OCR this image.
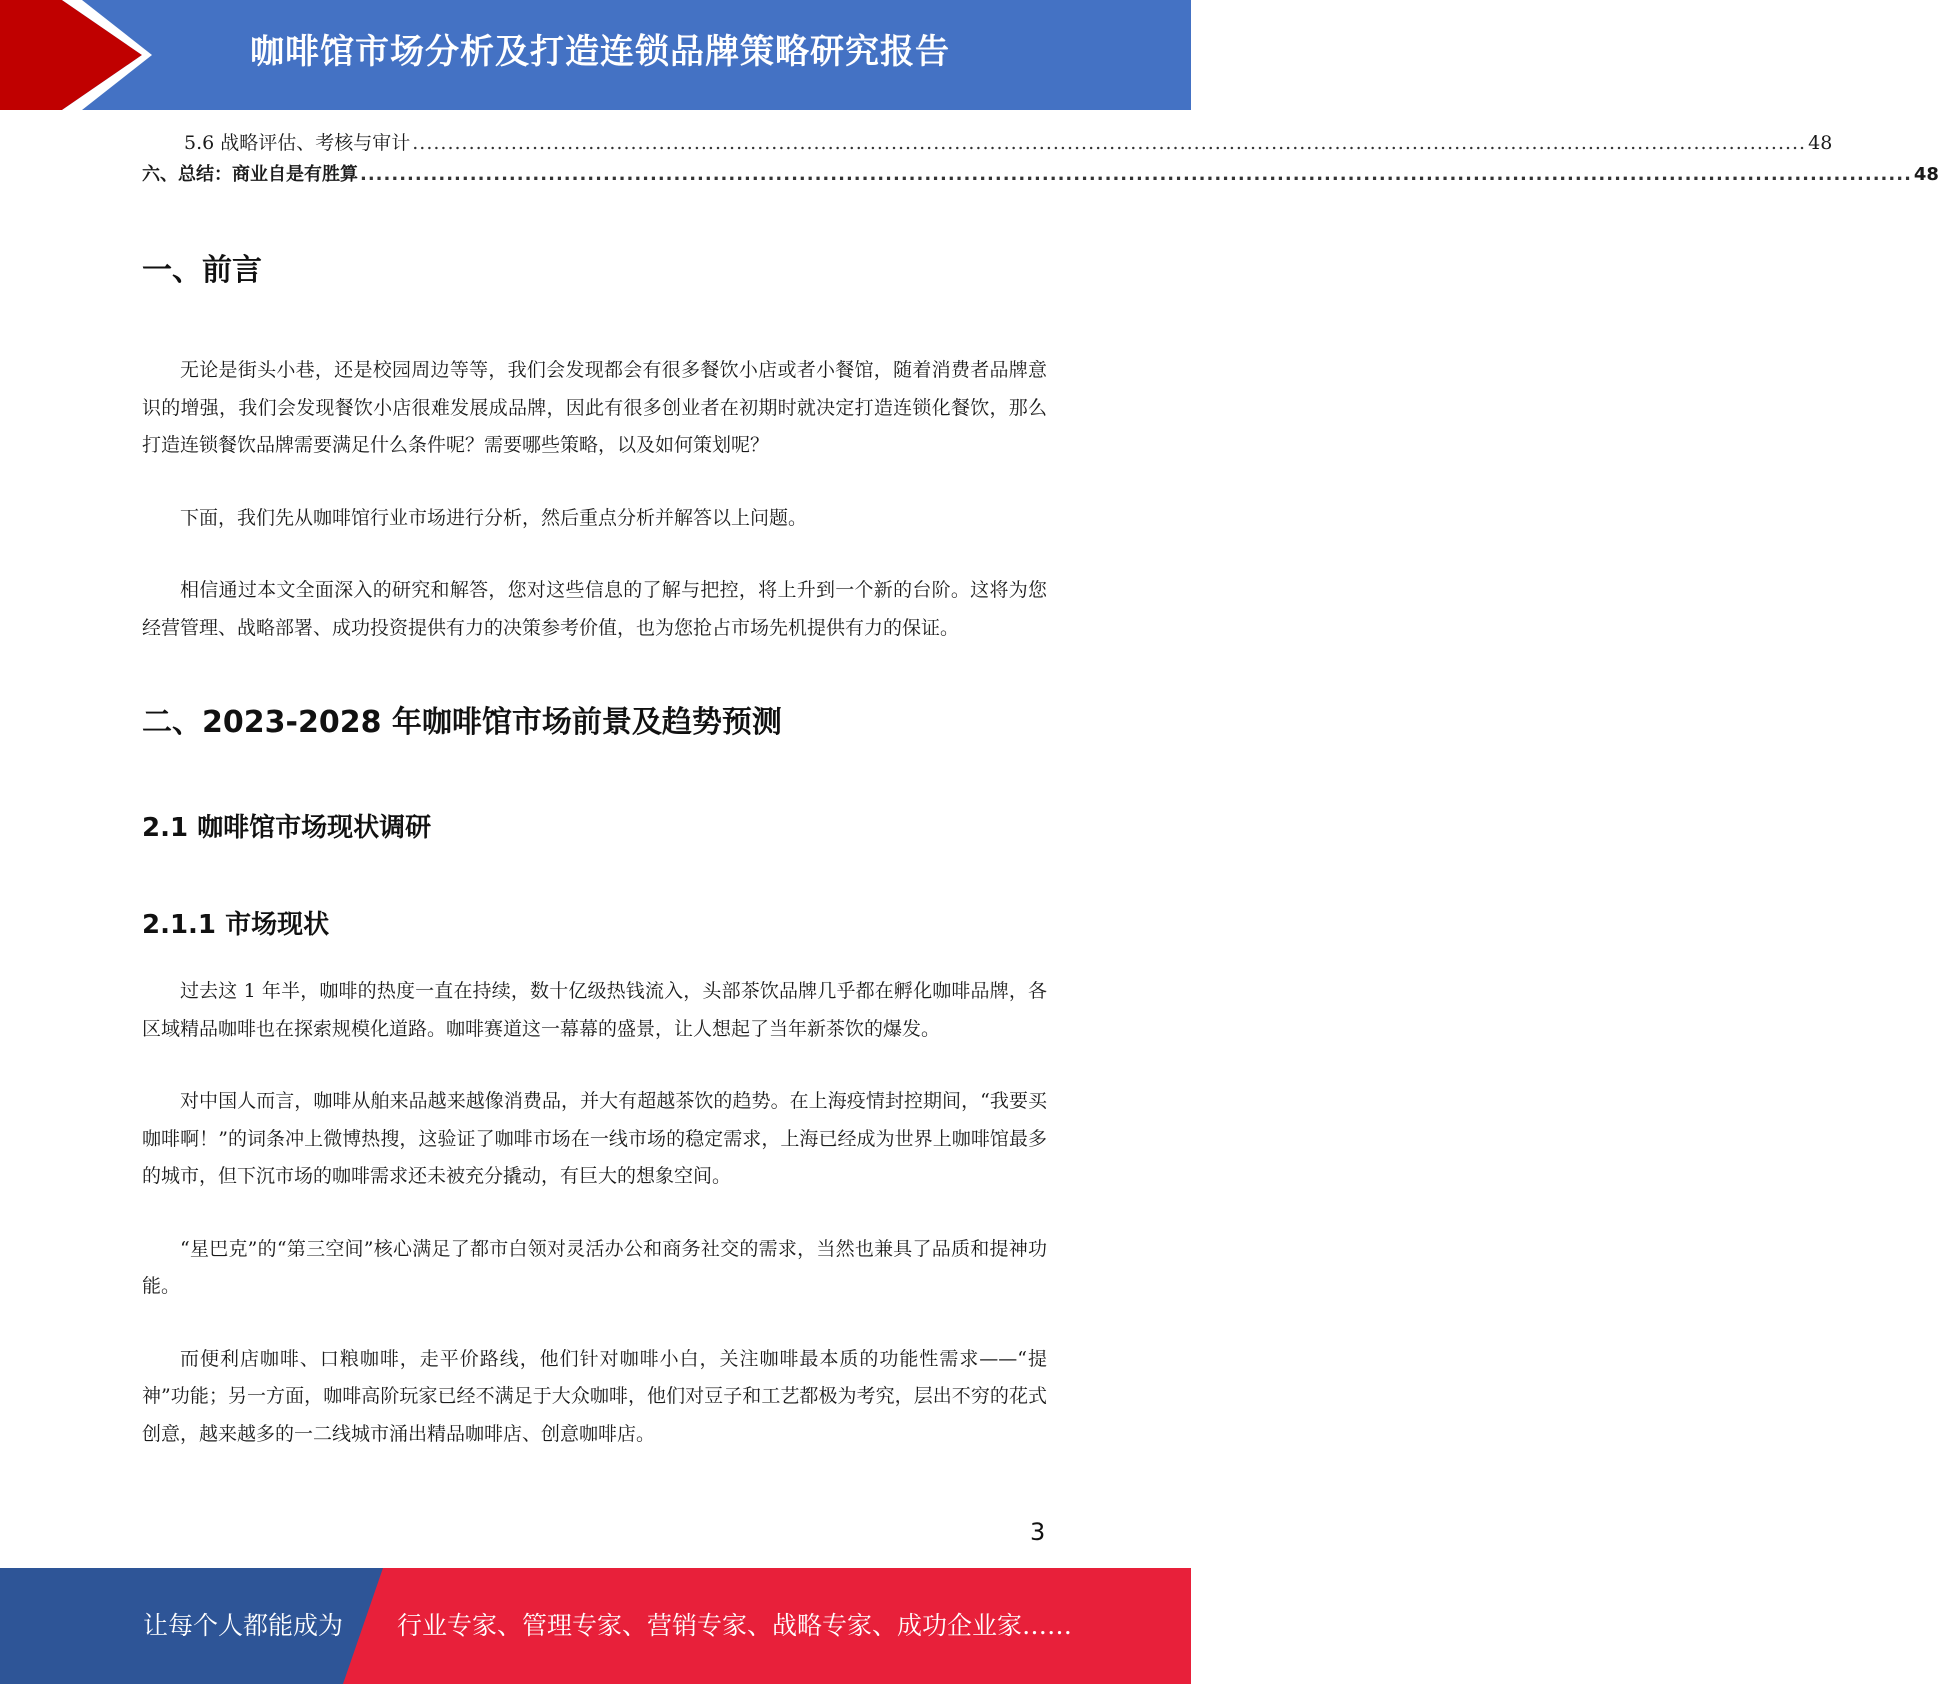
咖啡馆市场分析及打造连锁品牌策略研究报告
5.6 战略评估、考核与审计 ...................................................................................................................................................................................................... 48
六、总结：商业自是有胜算 ...................................................................................................................................................................................................... 48
一、前言

无论是街头小巷，还是校园周边等等，我们会发现都会有很多餐饮小店或者小餐馆，随着消费者品牌意识的增强，我们会发现餐饮小店很难发展成品牌，因此有很多创业者在初期时就决定打造连锁化餐饮，那么打造连锁餐饮品牌需要满足什么条件呢？需要哪些策略，以及如何策划呢？

下面，我们先从咖啡馆行业市场进行分析，然后重点分析并解答以上问题。

相信通过本文全面深入的研究和解答，您对这些信息的了解与把控，将上升到一个新的台阶。这将为您经营管理、战略部署、成功投资提供有力的决策参考价值，也为您抢占市场先机提供有力的保证。

二、2023-2028 年咖啡馆市场前景及趋势预测
2.1 咖啡馆市场现状调研
2.1.1 市场现状

过去这 1 年半，咖啡的热度一直在持续，数十亿级热钱流入，头部茶饮品牌几乎都在孵化咖啡品牌，各区域精品咖啡也在探索规模化道路。咖啡赛道这一幕幕的盛景，让人想起了当年新茶饮的爆发。

对中国人而言，咖啡从舶来品越来越像消费品，并大有超越茶饮的趋势。在上海疫情封控期间，“我要买咖啡啊！”的词条冲上微博热搜，这验证了咖啡市场在一线市场的稳定需求，上海已经成为世界上咖啡馆最多的城市，但下沉市场的咖啡需求还未被充分撬动，有巨大的想象空间。

“星巴克”的“第三空间”核心满足了都市白领对灵活办公和商务社交的需求，当然也兼具了品质和提神功能。

而便利店咖啡、口粮咖啡，走平价路线，他们针对咖啡小白，关注咖啡最本质的功能性需求——“提神”功能；另一方面，咖啡高阶玩家已经不满足于大众咖啡，他们对豆子和工艺都极为考究，层出不穷的花式创意，越来越多的一二线城市涌出精品咖啡店、创意咖啡店。

3
让每个人都能成为 行业专家、管理专家、营销专家、战略专家、成功企业家……
